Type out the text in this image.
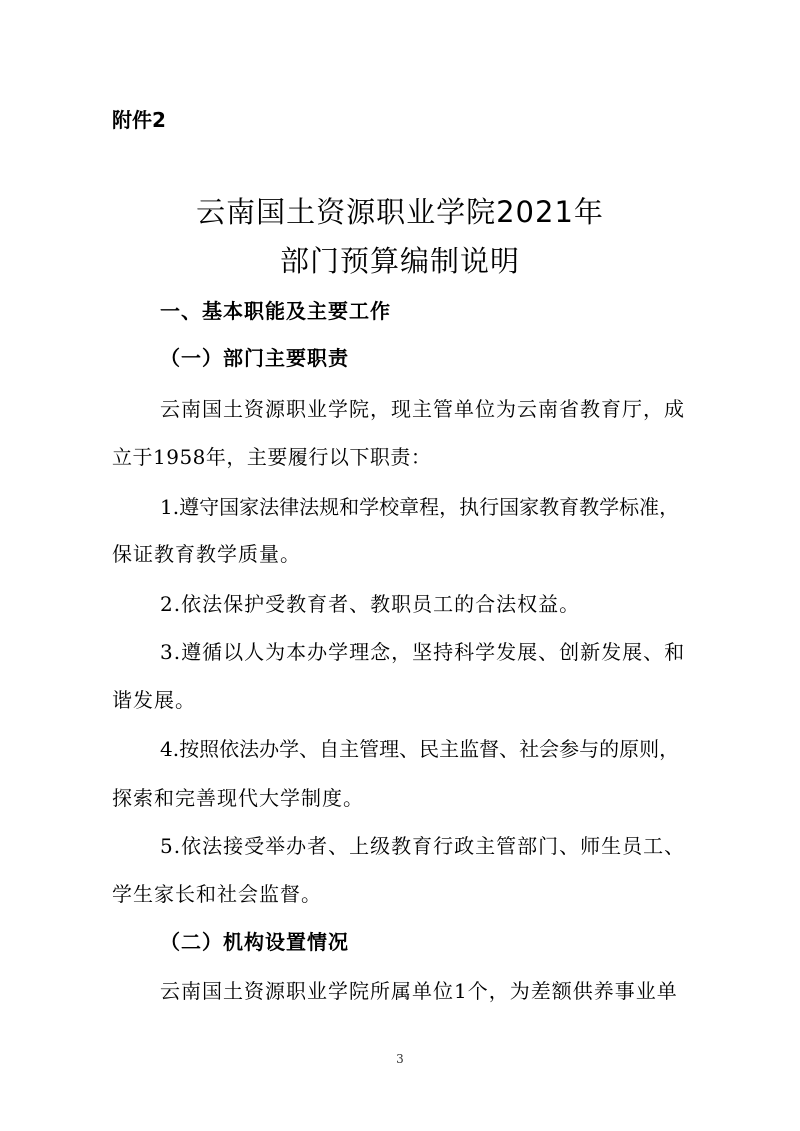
附件2
云南国土资源职业学院2021年
部门预算编制说明
一、基本职能及主要工作
（一）部门主要职责
云南国土资源职业学院，现主管单位为云南省教育厅，成
立于1958年，主要履行以下职责：
1.遵守国家法律法规和学校章程，执行国家教育教学标准，
保证教育教学质量。
2.依法保护受教育者、教职员工的合法权益。
3.遵循以人为本办学理念，坚持科学发展、创新发展、和
谐发展。
4.按照依法办学、自主管理、民主监督、社会参与的原则，
探索和完善现代大学制度。
5.依法接受举办者、上级教育行政主管部门、师生员工、
学生家长和社会监督。
（二）机构设置情况
云南国土资源职业学院所属单位1个，为差额供养事业单
3
